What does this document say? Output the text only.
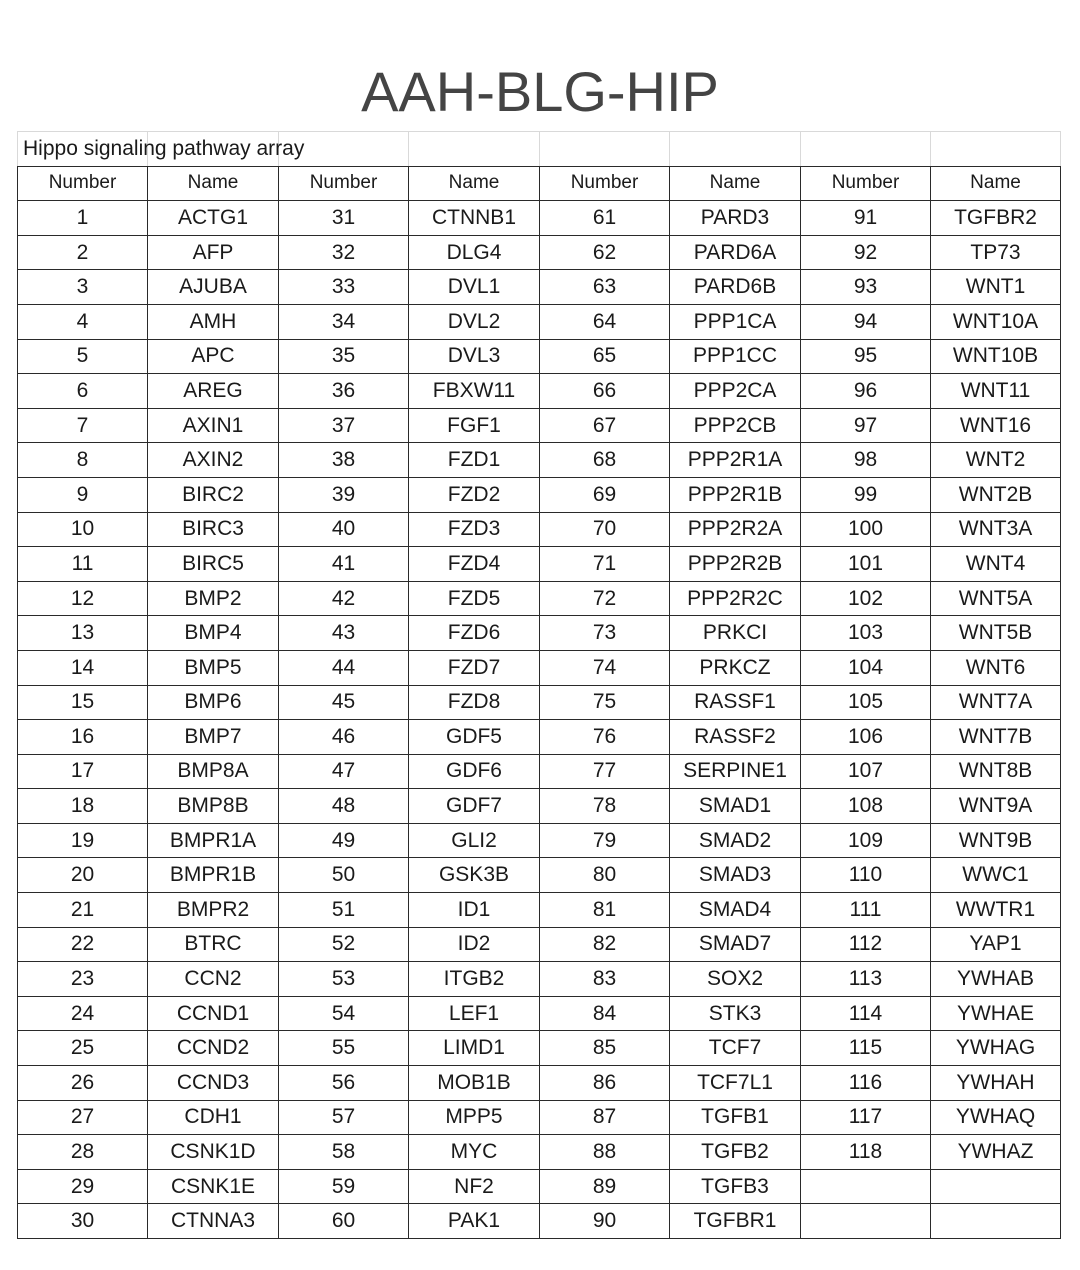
AAH-BLG-HIP
Hippo signaling pathway array							
Number	Name	Number	Name	Number	Name	Number	Name
1	ACTG1	31	CTNNB1	61	PARD3	91	TGFBR2
2	AFP	32	DLG4	62	PARD6A	92	TP73
3	AJUBA	33	DVL1	63	PARD6B	93	WNT1
4	AMH	34	DVL2	64	PPP1CA	94	WNT10A
5	APC	35	DVL3	65	PPP1CC	95	WNT10B
6	AREG	36	FBXW11	66	PPP2CA	96	WNT11
7	AXIN1	37	FGF1	67	PPP2CB	97	WNT16
8	AXIN2	38	FZD1	68	PPP2R1A	98	WNT2
9	BIRC2	39	FZD2	69	PPP2R1B	99	WNT2B
10	BIRC3	40	FZD3	70	PPP2R2A	100	WNT3A
11	BIRC5	41	FZD4	71	PPP2R2B	101	WNT4
12	BMP2	42	FZD5	72	PPP2R2C	102	WNT5A
13	BMP4	43	FZD6	73	PRKCI	103	WNT5B
14	BMP5	44	FZD7	74	PRKCZ	104	WNT6
15	BMP6	45	FZD8	75	RASSF1	105	WNT7A
16	BMP7	46	GDF5	76	RASSF2	106	WNT7B
17	BMP8A	47	GDF6	77	SERPINE1	107	WNT8B
18	BMP8B	48	GDF7	78	SMAD1	108	WNT9A
19	BMPR1A	49	GLI2	79	SMAD2	109	WNT9B
20	BMPR1B	50	GSK3B	80	SMAD3	110	WWC1
21	BMPR2	51	ID1	81	SMAD4	111	WWTR1
22	BTRC	52	ID2	82	SMAD7	112	YAP1
23	CCN2	53	ITGB2	83	SOX2	113	YWHAB
24	CCND1	54	LEF1	84	STK3	114	YWHAE
25	CCND2	55	LIMD1	85	TCF7	115	YWHAG
26	CCND3	56	MOB1B	86	TCF7L1	116	YWHAH
27	CDH1	57	MPP5	87	TGFB1	117	YWHAQ
28	CSNK1D	58	MYC	88	TGFB2	118	YWHAZ
29	CSNK1E	59	NF2	89	TGFB3		
30	CTNNA3	60	PAK1	90	TGFBR1		
